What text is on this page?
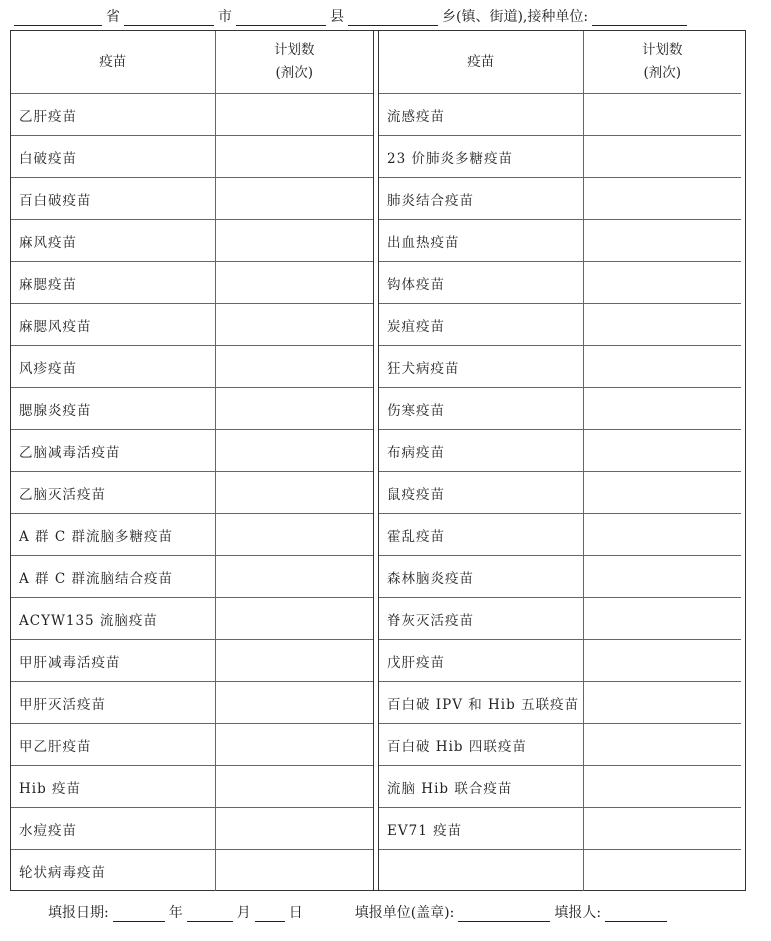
省	市	县	乡(镇、街道),接种单位:
疫苗	计划数
(剂次)

乙肝疫苗	
白破疫苗	
百白破疫苗	
麻风疫苗	
麻腮疫苗	
麻腮风疫苗	
风疹疫苗	
腮腺炎疫苗	
乙脑减毒活疫苗	
乙脑灭活疫苗	
A 群 C 群流脑多糖疫苗	
A 群 C 群流脑结合疫苗	
ACYW135 流脑疫苗	
甲肝减毒活疫苗	
甲肝灭活疫苗	
甲乙肝疫苗	
Hib 疫苗	
水痘疫苗	
轮状病毒疫苗	
疫苗	计划数
(剂次)

流感疫苗	
23 价肺炎多糖疫苗	
肺炎结合疫苗	
出血热疫苗	
钩体疫苗	
炭疽疫苗	
狂犬病疫苗	
伤寒疫苗	
布病疫苗	
鼠疫疫苗	
霍乱疫苗	
森林脑炎疫苗	
脊灰灭活疫苗	
戊肝疫苗	
百白破 IPV 和 Hib 五联疫苗	
百白破 Hib 四联疫苗	
流脑 Hib 联合疫苗	
EV71 疫苗	

填报日期:	年	月	日	填报单位(盖章):	填报人:
